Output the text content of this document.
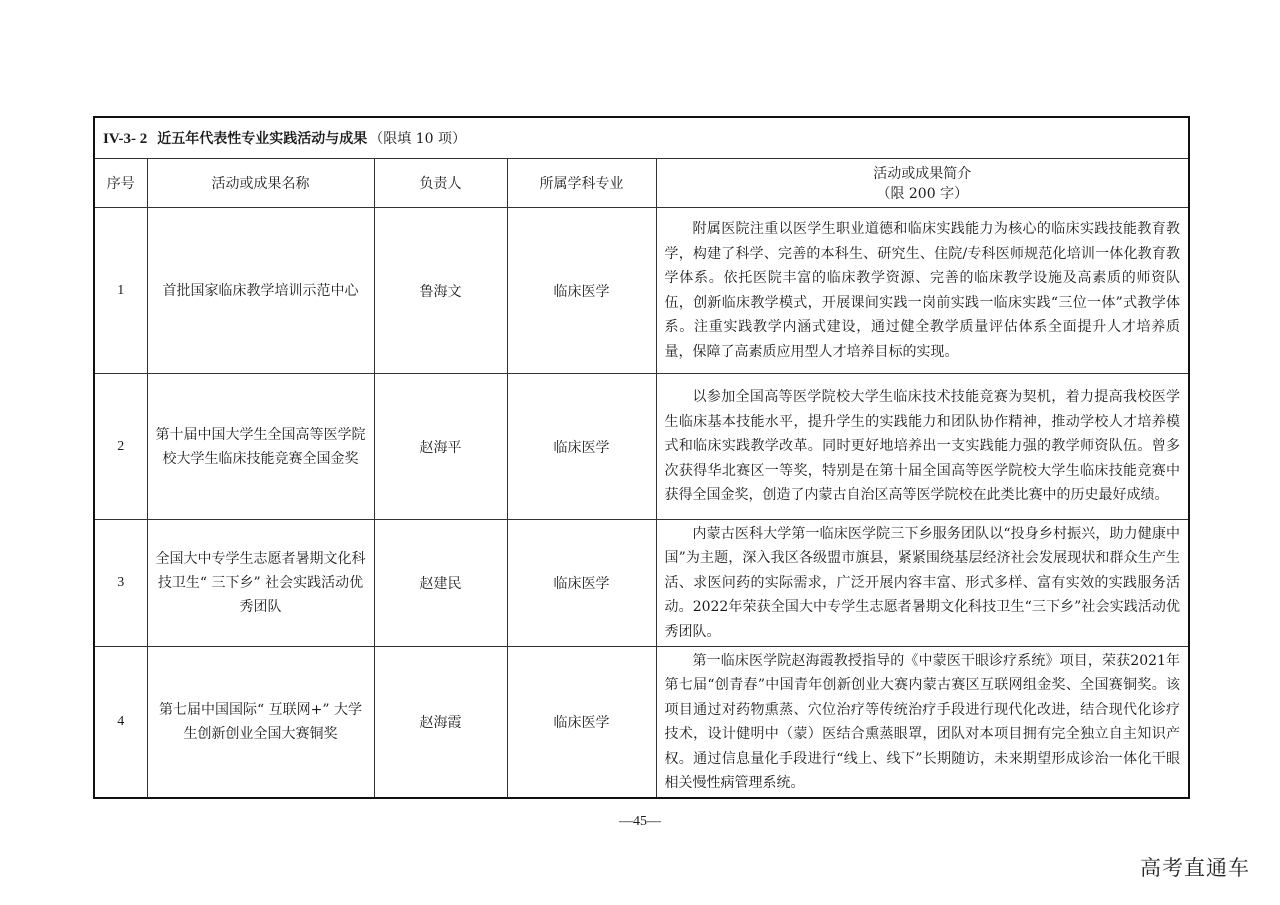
IV-3- 2 近五年代表性专业实践活动与成果 （限填 10 项）				
序号	活动或成果名称	负责人	所属学科专业	活动或成果简介
（限 200 字）

1	首批国家临床教学培训示范中心	鲁海文	临床医学	附属医院注重以医学生职业道德和临床实践能力为核心的临床实践技能教育教学，构建了科学、完善的本科生、研究生、住院/专科医师规范化培训一体化教育教学体系。依托医院丰富的临床教学资源、完善的临床教学设施及高素质的师资队伍，创新临床教学模式，开展课间实践一岗前实践一临床实践“三位一体”式教学体系。注重实践教学内涵式建设，通过健全教学质量评估体系全面提升人才培养质量，保障了高素质应用型人才培养目标的实现。

2	第十届中国大学生全国高等医学院校大学生临床技能竞赛全国金奖	赵海平	临床医学	以参加全国高等医学院校大学生临床技术技能竞赛为契机，着力提高我校医学生临床基本技能水平，提升学生的实践能力和团队协作精神，推动学校人才培养模式和临床实践教学改革。同时更好地培养出一支实践能力强的教学师资队伍。曾多次获得华北赛区一等奖，特别是在第十届全国高等医学院校大学生临床技能竞赛中获得全国金奖，创造了内蒙古自治区高等医学院校在此类比赛中的历史最好成绩。

3	全国大中专学生志愿者暑期文化科技卫生“ 三下乡” 社会实践活动优秀团队	赵建民	临床医学	内蒙古医科大学第一临床医学院三下乡服务团队以“投身乡村振兴，助力健康中国”为主题，深入我区各级盟市旗县，紧紧围绕基层经济社会发展现状和群众生产生活、求医问药的实际需求，广泛开展内容丰富、形式多样、富有实效的实践服务活动。2022年荣获全国大中专学生志愿者暑期文化科技卫生“三下乡”社会实践活动优秀团队。

4	第七届中国国际“ 互联网+” 大学生创新创业全国大赛铜奖	赵海霞	临床医学	第一临床医学院赵海霞教授指导的《中蒙医干眼诊疗系统》项目，荣获2021年第七届“创青春”中国青年创新创业大赛内蒙古赛区互联网组金奖、全国赛铜奖。该项目通过对药物熏蒸、穴位治疗等传统治疗手段进行现代化改进，结合现代化诊疗技术，设计健明中（蒙）医结合熏蒸眼罩，团队对本项目拥有完全独立自主知识产权。通过信息量化手段进行“线上、线下”长期随访，未来期望形成诊治一体化干眼相关慢性病管理系统。

—45—
高考直通车
